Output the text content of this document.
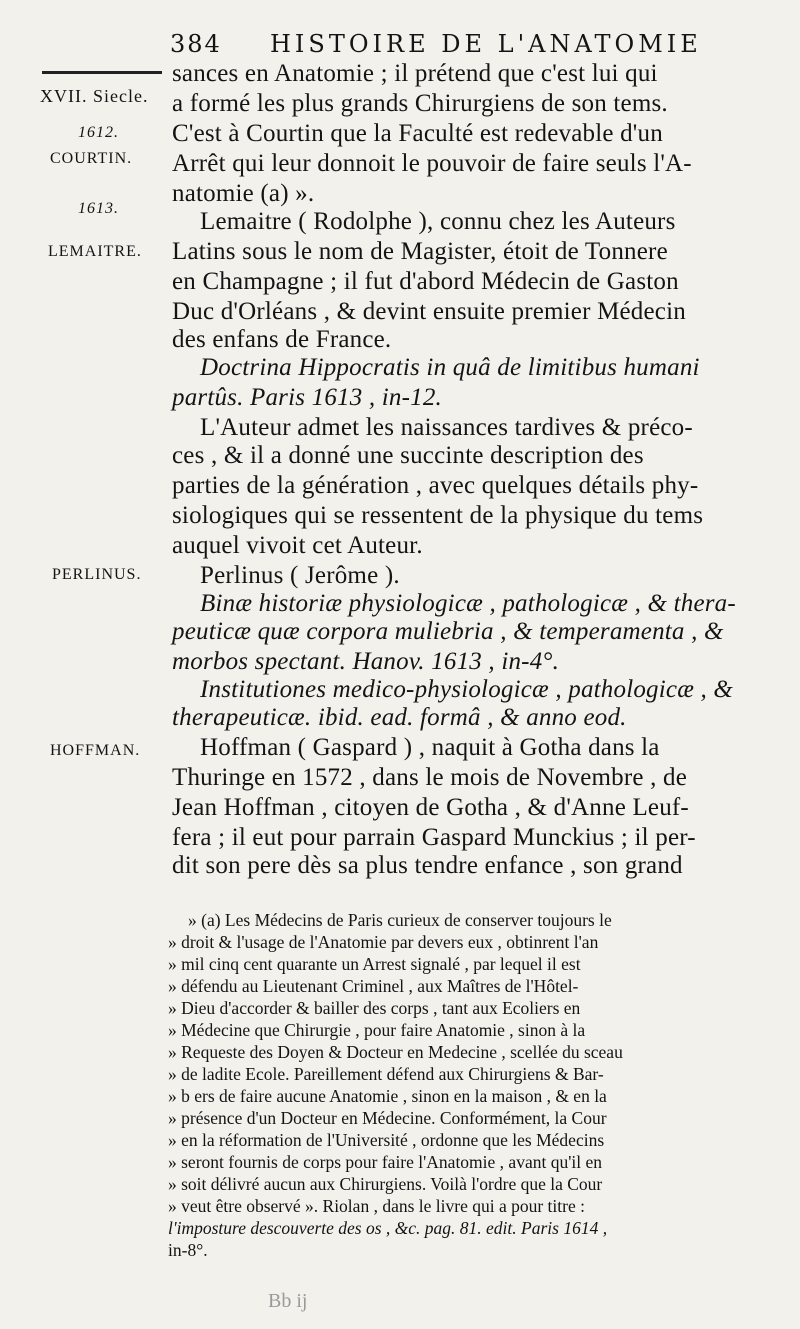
384 HISTOIRE DE L'ANATOMIE
XVII. Siecle.
1612.
COURTIN.
1613.
LEMAITRE.
PERLINUS.
HOFFMAN.
sances en Anatomie ; il prétend que c'est lui qui
a formé les plus grands Chirurgiens de son tems.
C'est à Courtin que la Faculté est redevable d'un
Arrêt qui leur donnoit le pouvoir de faire seuls l'A-
natomie (a) ».
Lemaitre ( Rodolphe ), connu chez les Auteurs
Latins sous le nom de Magister, étoit de Tonnere
en Champagne ; il fut d'abord Médecin de Gaston
Duc d'Orléans , & devint ensuite premier Médecin
des enfans de France.
Doctrina Hippocratis in quâ de limitibus humani
partûs. Paris 1613 , in-12.
L'Auteur admet les naissances tardives & préco-
ces , & il a donné une succinte description des
parties de la génération , avec quelques détails phy-
siologiques qui se ressentent de la physique du tems
auquel vivoit cet Auteur.
Perlinus ( Jerôme ).
Binæ historiæ physiologicæ , pathologicæ , & thera-
peuticæ quæ corpora muliebria , & temperamenta , &
morbos spectant. Hanov. 1613 , in-4°.
Institutiones medico-physiologicæ , pathologicæ , &
therapeuticæ. ibid. ead. formâ , & anno eod.
Hoffman ( Gaspard ) , naquit à Gotha dans la
Thuringe en 1572 , dans le mois de Novembre , de
Jean Hoffman , citoyen de Gotha , & d'Anne Leuf-
fera ; il eut pour parrain Gaspard Munckius ; il per-
dit son pere dès sa plus tendre enfance , son grand
» (a) Les Médecins de Paris curieux de conserver toujours le
» droit & l'usage de l'Anatomie par devers eux , obtinrent l'an
» mil cinq cent quarante un Arrest signalé , par lequel il est
» défendu au Lieutenant Criminel , aux Maîtres de l'Hôtel-
» Dieu d'accorder & bailler des corps , tant aux Ecoliers en
» Médecine que Chirurgie , pour faire Anatomie , sinon à la
» Requeste des Doyen & Docteur en Medecine , scellée du sceau
» de ladite Ecole. Pareillement défend aux Chirurgiens & Bar-
» b ers de faire aucune Anatomie , sinon en la maison , & en la
» présence d'un Docteur en Médecine. Conformément, la Cour
» en la réformation de l'Université , ordonne que les Médecins
» seront fournis de corps pour faire l'Anatomie , avant qu'il en
» soit délivré aucun aux Chirurgiens. Voilà l'ordre que la Cour
» veut être observé ». Riolan , dans le livre qui a pour titre :
l'imposture descouverte des os , &c. pag. 81. edit. Paris 1614 ,
in-8°.
Bb ij
